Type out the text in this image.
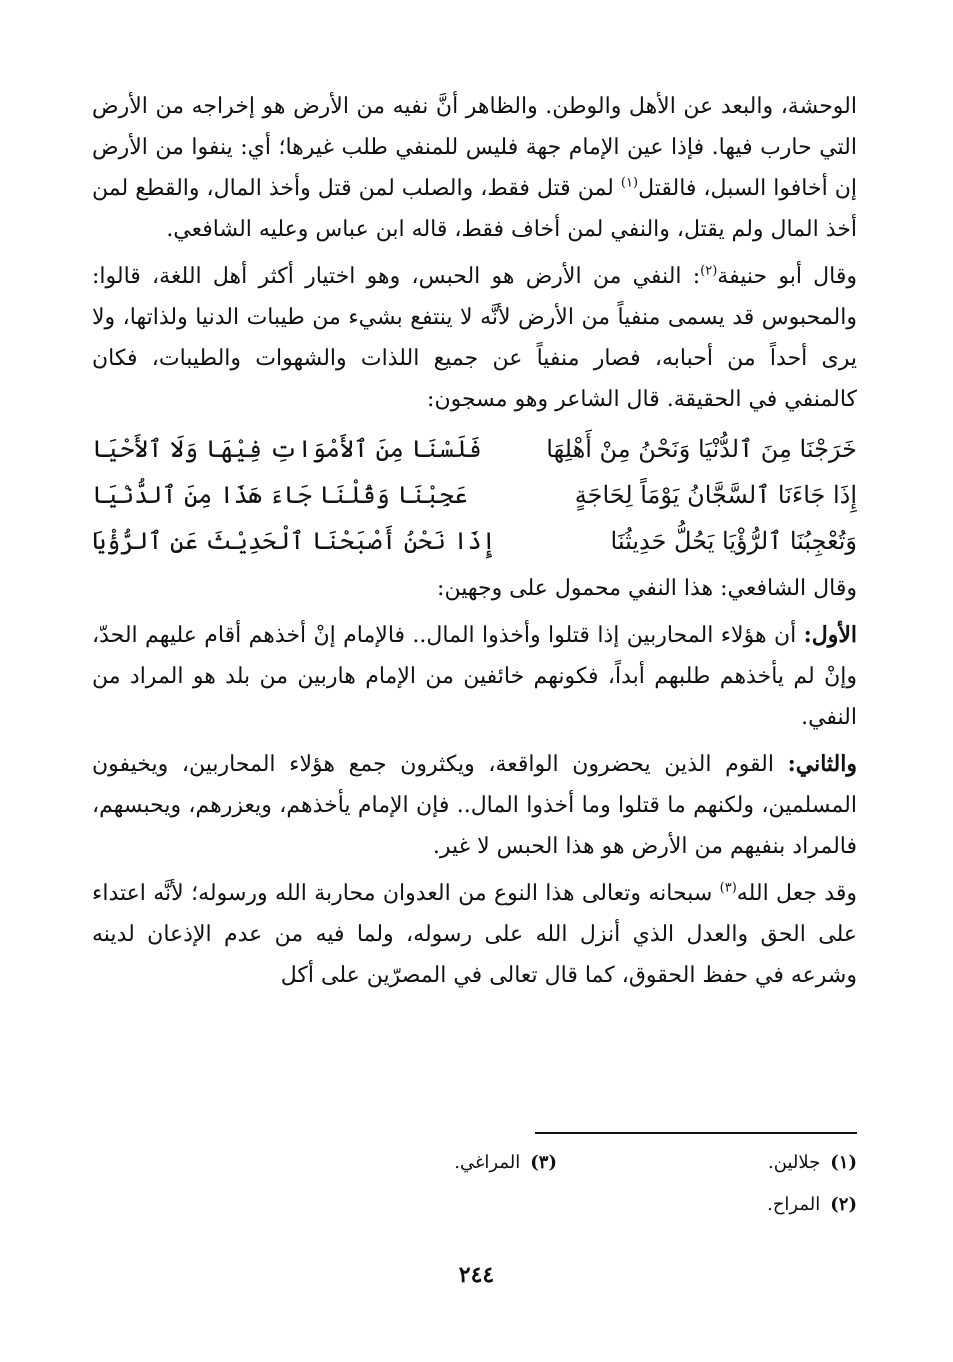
الوحشة، والبعد عن الأهل والوطن. والظاهر أنَّ نفيه من الأرض هو إخراجه من الأرض التي حارب فيها. فإذا عين الإمام جهة فليس للمنفي طلب غيرها؛ أي: ينفوا من الأرض إن أخافوا السبل، فالقتل$^{(١)}$ لمن قتل فقط، والصلب لمن قتل وأخذ المال، والقطع لمن أخذ المال ولم يقتل، والنفي لمن أخاف فقط، قاله ابن عباس وعليه الشافعي.

وقال أبو حنيفة$^{(٢)}$: النفي من الأرض هو الحبس، وهو اختيار أكثر أهل اللغة، قالوا: والمحبوس قد يسمى منفياً من الأرض لأنَّه لا ينتفع بشيء من طيبات الدنيا ولذاتها، ولا يرى أحداً من أحبابه، فصار منفياً عن جميع اللذات والشهوات والطيبات، فكان كالمنفي في الحقيقة. قال الشاعر وهو مسجون:

خَرَجْنَا مِنَ ٱلدُّنْيَا وَنَحْنُ مِنْ أَهْلِهَا
فَلَسْنَا مِنَ ٱلأَمْوَاتِ فِيْهَا وَلَا ٱلأَحْيَا
إِذَا جَاءَنَا ٱلسَّجَّانُ يَوْمَاً لِحَاجَةٍ
عَجِبْنَا وَقُلْنَا جَاءَ هَذَا مِنَ ٱلدُّنْيَا
وَتُعْجِبُنَا ٱلرُّؤْيَا يَحُلُّ حَدِيثُنَا
إِذَا نَحْنُ أَصْبَحْنَا ٱلْحَدِيْثَ عَنِ ٱلرُّؤْيَا

وقال الشافعي: هذا النفي محمول على وجهين:

الأول: أن هؤلاء المحاربين إذا قتلوا وأخذوا المال.. فالإمام إنْ أخذهم أقام عليهم الحدّ، وإنْ لم يأخذهم طلبهم أبداً، فكونهم خائفين من الإمام هاربين من بلد هو المراد من النفي.

والثاني: القوم الذين يحضرون الواقعة، ويكثرون جمع هؤلاء المحاربين، ويخيفون المسلمين، ولكنهم ما قتلوا وما أخذوا المال.. فإن الإمام يأخذهم، ويعزرهم، ويحبسهم، فالمراد بنفيهم من الأرض هو هذا الحبس لا غير.

وقد جعل الله$^{(٣)}$ سبحانه وتعالى هذا النوع من العدوان محاربة الله ورسوله؛ لأنَّه اعتداء على الحق والعدل الذي أنزل الله على رسوله، ولما فيه من عدم الإذعان لدينه وشرعه في حفظ الحقوق، كما قال تعالى في المصرّين على أكل

(١)جلالين.
(٣)المراغي.
(٢)المراح.
٢٤٤
